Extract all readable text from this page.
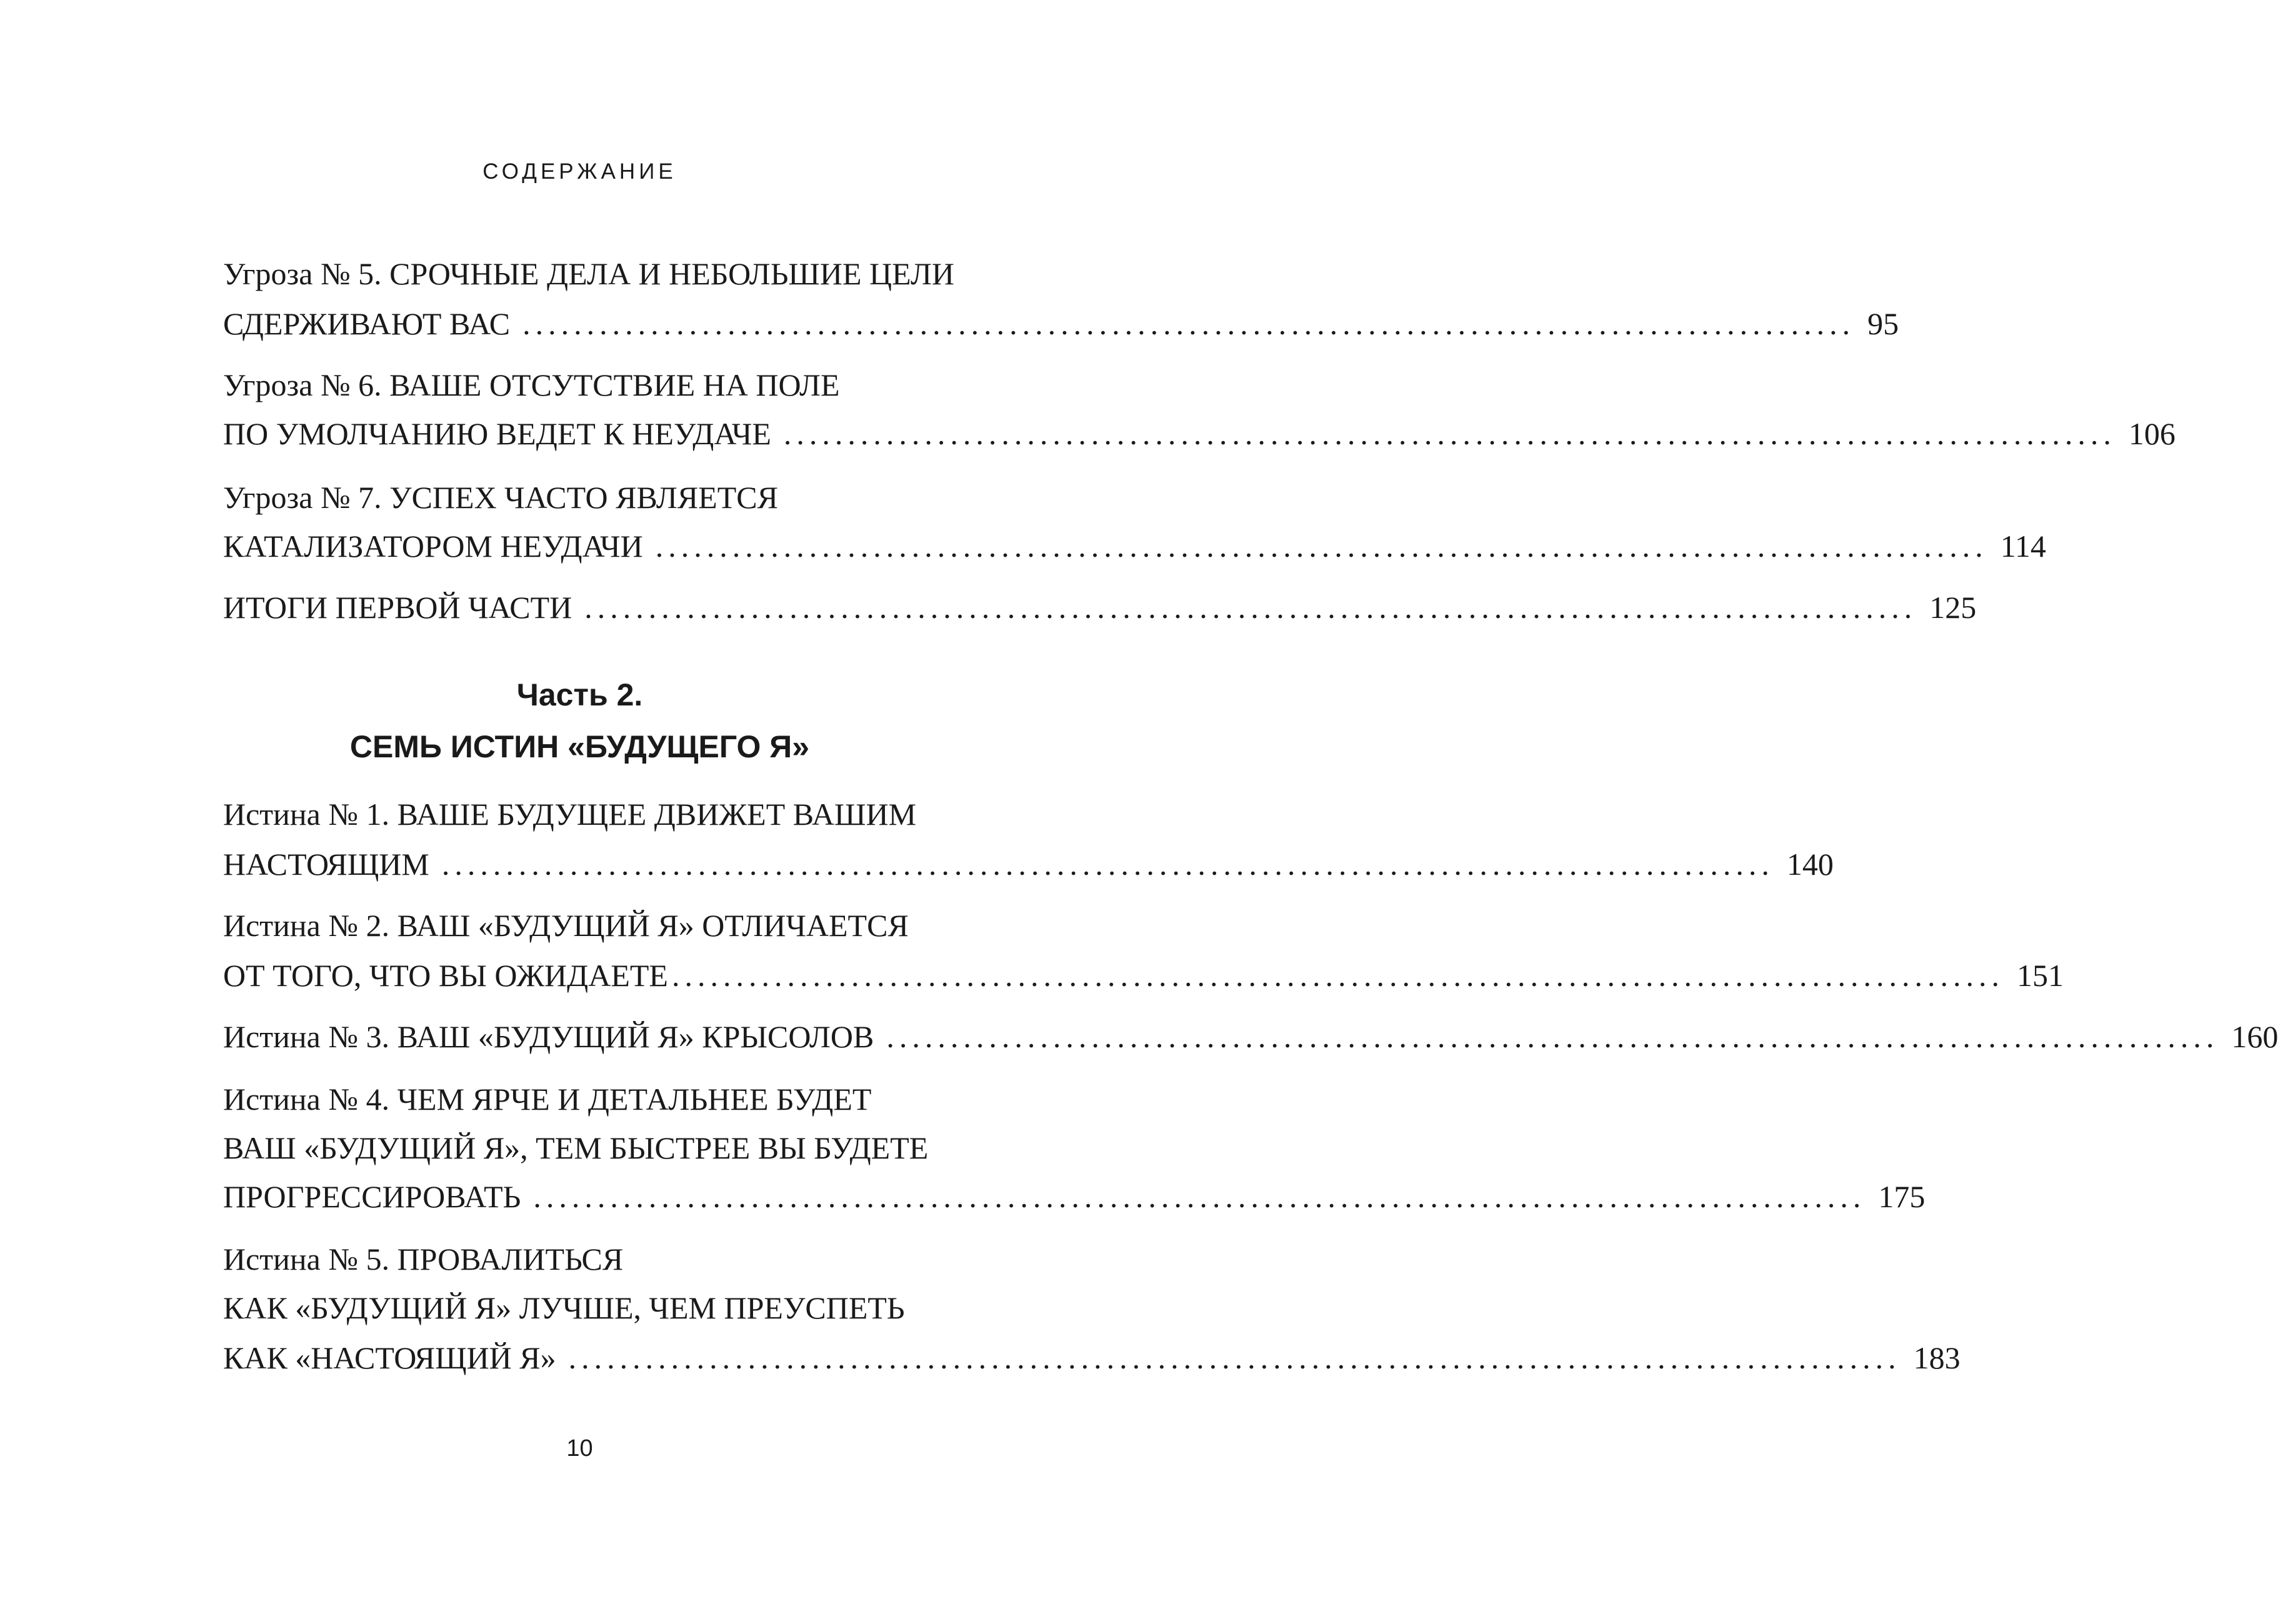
СОДЕРЖАНИЕ
Угроза № 5. СРОЧНЫЕ ДЕЛА И НЕБОЛЬШИЕ ЦЕЛИ
СДЕРЖИВАЮТ ВАС ........................................................................................................ 95
Угроза № 6. ВАШЕ ОТСУТСТВИЕ НА ПОЛЕ
ПО УМОЛЧАНИЮ ВЕДЕТ К НЕУДАЧЕ ........................................................................................................ 106
Угроза № 7. УСПЕХ ЧАСТО ЯВЛЯЕТСЯ
КАТАЛИЗАТОРОМ НЕУДАЧИ ........................................................................................................ 114
ИТОГИ ПЕРВОЙ ЧАСТИ ........................................................................................................ 125
Часть 2.
СЕМЬ ИСТИН «БУДУЩЕГО Я»
Истина № 1. ВАШЕ БУДУЩЕЕ ДВИЖЕТ ВАШИМ
НАСТОЯЩИМ ........................................................................................................ 140
Истина № 2. ВАШ «БУДУЩИЙ Я» ОТЛИЧАЕТСЯ
ОТ ТОГО, ЧТО ВЫ ОЖИДАЕТЕ ........................................................................................................ 151
Истина № 3. ВАШ «БУДУЩИЙ Я» КРЫСОЛОВ ........................................................................................................ 160
Истина № 4. ЧЕМ ЯРЧЕ И ДЕТАЛЬНЕЕ БУДЕТ
ВАШ «БУДУЩИЙ Я», ТЕМ БЫСТРЕЕ ВЫ БУДЕТЕ
ПРОГРЕССИРОВАТЬ ........................................................................................................ 175
Истина № 5. ПРОВАЛИТЬСЯ
КАК «БУДУЩИЙ Я» ЛУЧШЕ, ЧЕМ ПРЕУСПЕТЬ
КАК «НАСТОЯЩИЙ Я» ........................................................................................................ 183
10
